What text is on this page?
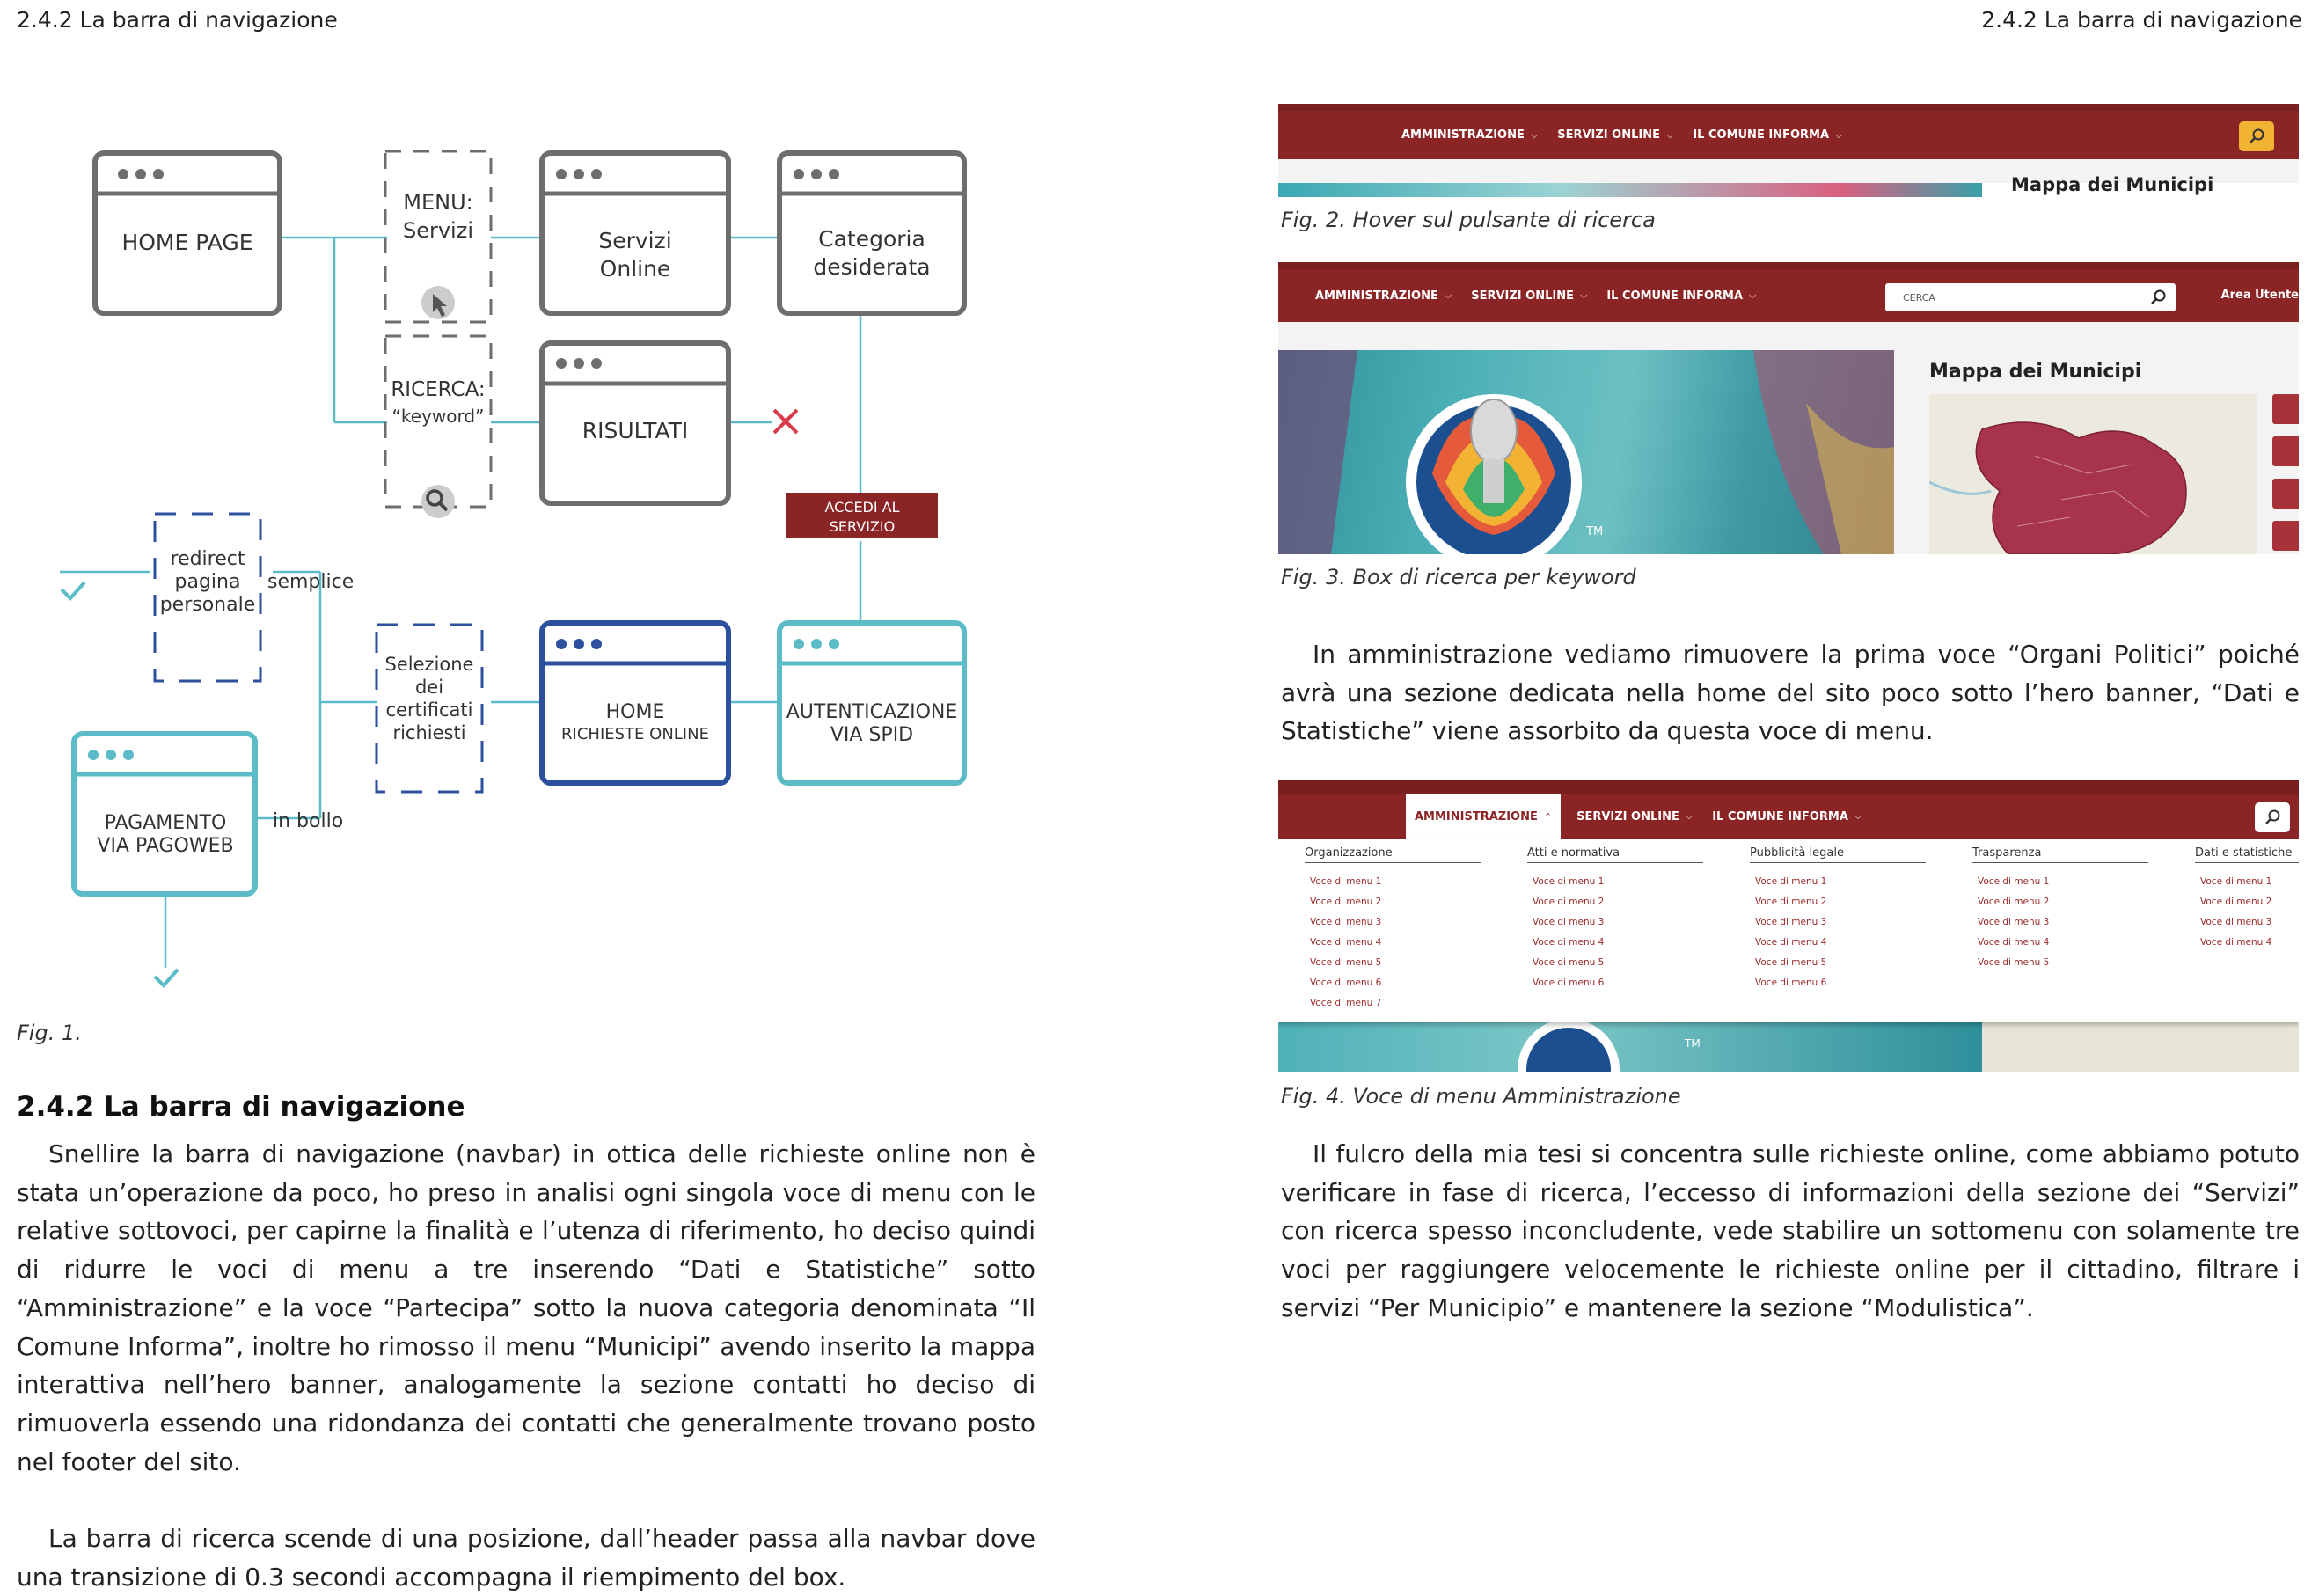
2.4.2 La barra di navigazione	2.4.2 La barra di navigazione
HOME PAGE
MENU:
Servizi	Servizi
Online
Categoria
desiderata
RICERCA:
“keyword”
RISULTATI
ACCEDI AL
SERVIZIO
redirect
pagina
personale
semplice
Selezione
dei
certificati
richiesti
HOME
RICHIESTE ONLINE
AUTENTICAZIONE
VIA SPID
PAGAMENTO
VIA PAGOWEB
in bollo
Fig. 1.
2.4.2 La barra di navigazione

Snellire la barra di navigazione (navbar) in ottica delle richieste online non è stata un’operazione da poco, ho preso in analisi ogni singola voce di menu con le relative sottovoci, per capirne la finalità e l’utenza di riferimento, ho deciso quindi di ridurre le voci di menu a tre inserendo “Dati e Statistiche” sotto “Amministrazione” e la voce “Partecipa” sotto la nuova categoria denominata “Il Comune Informa”, inoltre ho rimosso il menu “Municipi” avendo inserito la mappa interattiva nell’hero banner, analogamente la sezione contatti ho deciso di rimuoverla essendo una ridondanza dei contatti che generalmente trovano posto nel footer del sito.

La barra di ricerca scende di una posizione, dall’header passa alla navbar dove una transizione di 0.3 secondi accompagna il riempimento del box.

AMMINISTRAZIONE ⌵ SERVIZI ONLINE ⌵ IL COMUNE INFORMA ⌵
Mappa dei Municipi
Fig. 2. Hover sul pulsante di ricerca
AMMINISTRAZIONE ⌵ SERVIZI ONLINE ⌵ IL COMUNE INFORMA ⌵	CERCA	Area Utente
TM
Mappa dei Municipi
Fig. 3. Box di ricerca per keyword

In amministrazione vediamo rimuovere la prima voce “Organi Politici” poiché avrà una sezione dedicata nella home del sito poco sotto l’hero banner, “Dati e Statistiche” viene assorbito da questa voce di menu.

AMMINISTRAZIONE ⌃ SERVIZI ONLINE ⌵ IL COMUNE INFORMA ⌵
TM
Organizzazione
Voce di menu 1
Voce di menu 2
Voce di menu 3
Voce di menu 4
Voce di menu 5
Voce di menu 6
Voce di menu 7
Atti e normativa
Voce di menu 1
Voce di menu 2
Voce di menu 3
Voce di menu 4
Voce di menu 5
Voce di menu 6
Pubblicità legale
Voce di menu 1
Voce di menu 2
Voce di menu 3
Voce di menu 4
Voce di menu 5
Voce di menu 6
Trasparenza
Voce di menu 1
Voce di menu 2
Voce di menu 3
Voce di menu 4
Voce di menu 5
Dati e statistiche
Voce di menu 1
Voce di menu 2
Voce di menu 3
Voce di menu 4
Fig. 4. Voce di menu Amministrazione

Il fulcro della mia tesi si concentra sulle richieste online, come abbiamo potuto verificare in fase di ricerca, l’eccesso di informazioni della sezione dei “Servizi” con ricerca spesso inconcludente, vede stabilire un sottomenu con solamente tre voci per raggiungere velocemente le richieste online per il cittadino, filtrare i servizi “Per Municipio” e mantenere la sezione “Modulistica”.
